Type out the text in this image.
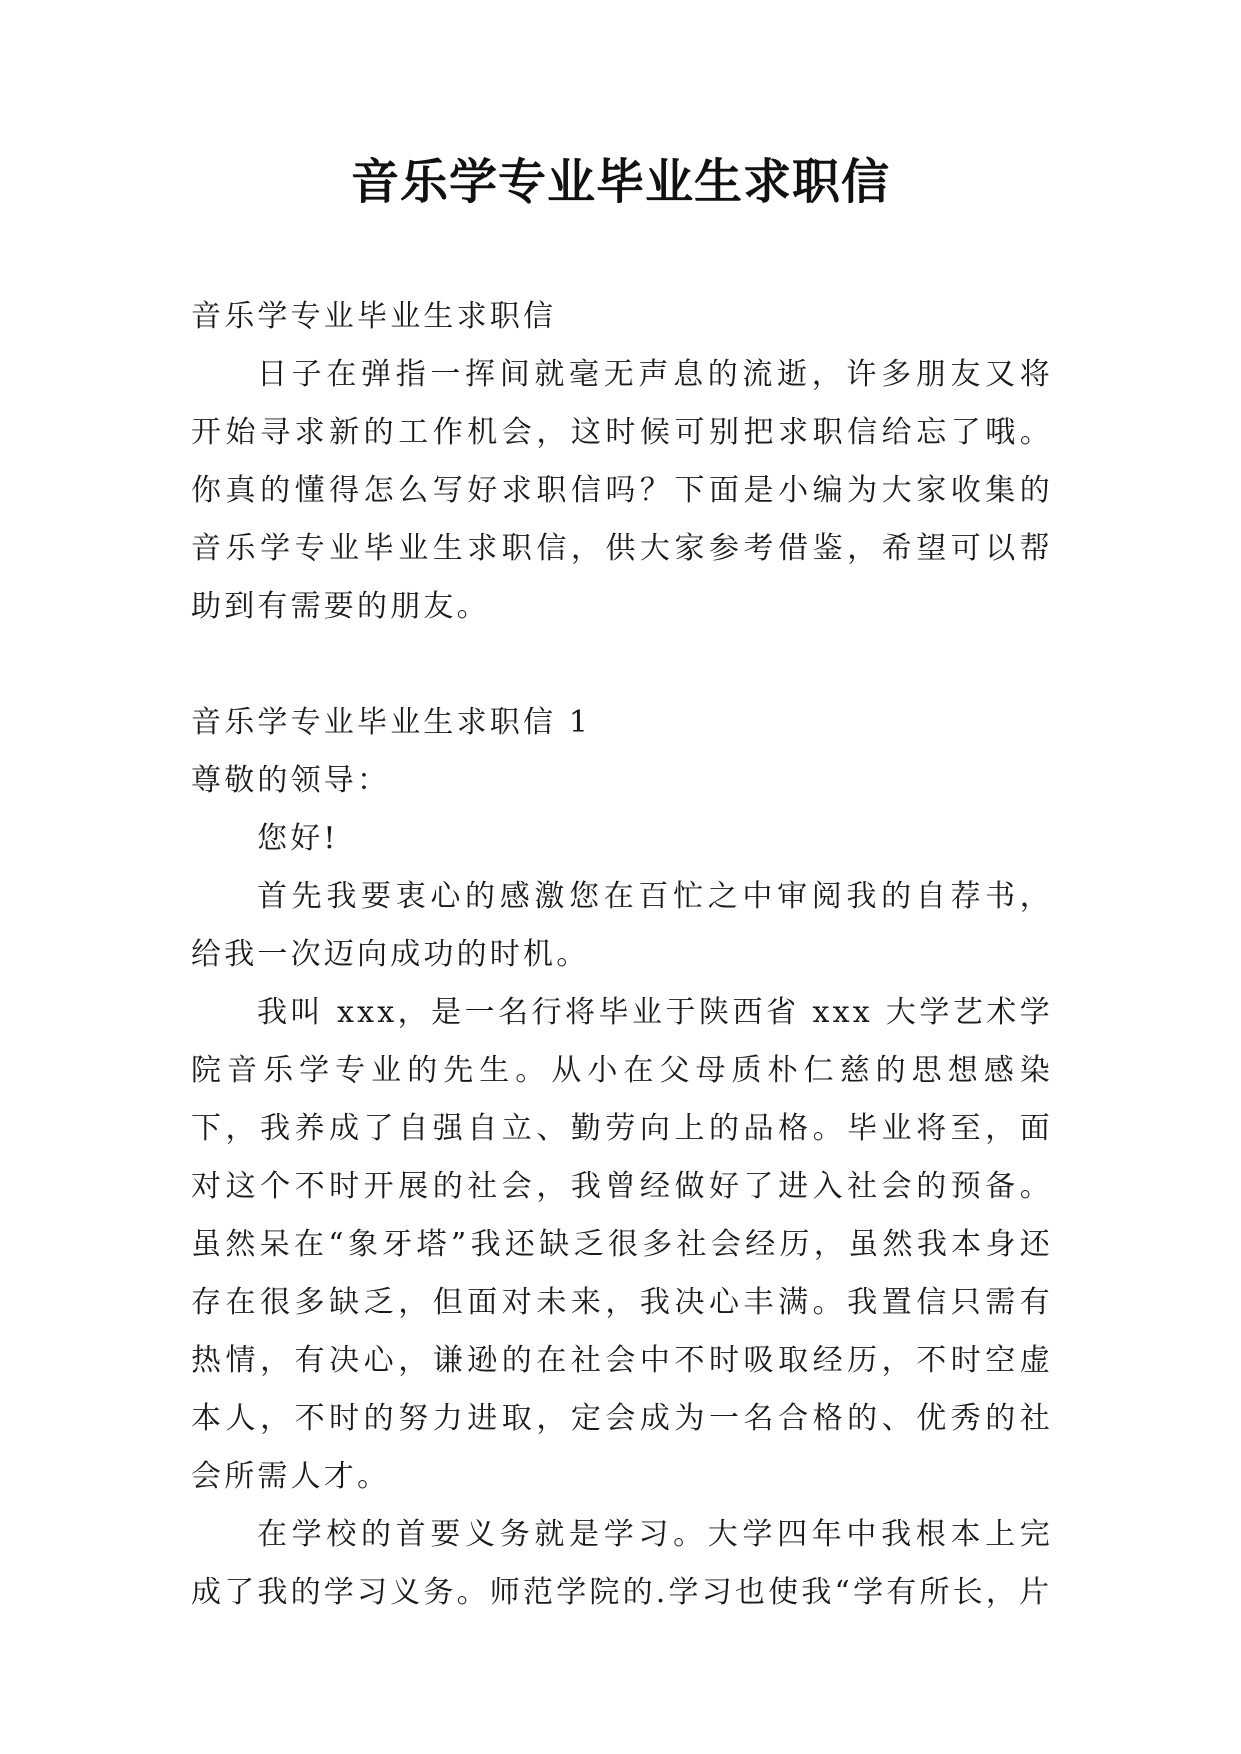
音乐学专业毕业生求职信

音乐学专业毕业生求职信

日子在弹指一挥间就毫无声息的流逝，许多朋友又将开始寻求新的工作机会，这时候可别把求职信给忘了哦。你真的懂得怎么写好求职信吗？下面是小编为大家收集的音乐学专业毕业生求职信，供大家参考借鉴，希望可以帮助到有需要的朋友。

音乐学专业毕业生求职信 1

尊敬的领导：

您好!

首先我要衷心的感激您在百忙之中审阅我的自荐书，给我一次迈向成功的时机。

我叫 xxx，是一名行将毕业于陕西省 xxx 大学艺术学院音乐学专业的先生。从小在父母质朴仁慈的思想感染下，我养成了自强自立、勤劳向上的品格。毕业将至，面对这个不时开展的社会，我曾经做好了进入社会的预备。虽然呆在“象牙塔”我还缺乏很多社会经历，虽然我本身还存在很多缺乏，但面对未来，我决心丰满。我置信只需有热情，有决心，谦逊的在社会中不时吸取经历，不时空虚本人，不时的努力进取，定会成为一名合格的、优秀的社会所需人才。

在学校的首要义务就是学习。大学四年中我根本上完成了我的学习义务。师范学院的.学习也使我“学有所长，片
